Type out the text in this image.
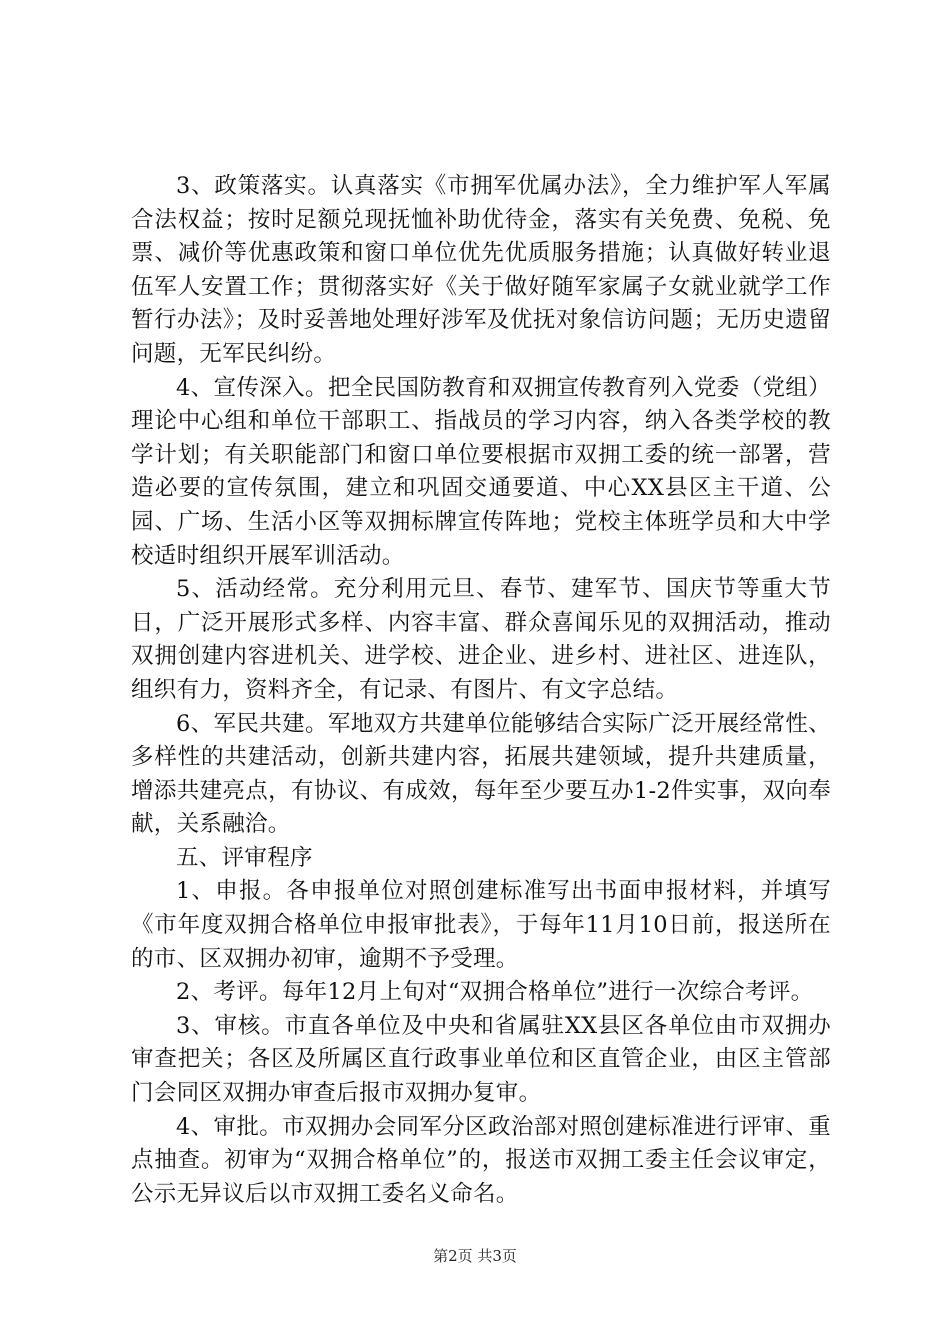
3、政策落实。认真落实《市拥军优属办法》，全力维护军人军属合法权益；按时足额兑现抚恤补助优待金，落实有关免费、免税、免票、减价等优惠政策和窗口单位优先优质服务措施；认真做好转业退伍军人安置工作；贯彻落实好《关于做好随军家属子女就业就学工作暂行办法》；及时妥善地处理好涉军及优抚对象信访问题；无历史遗留问题，无军民纠纷。

4、宣传深入。把全民国防教育和双拥宣传教育列入党委（党组）理论中心组和单位干部职工、指战员的学习内容，纳入各类学校的教学计划；有关职能部门和窗口单位要根据市双拥工委的统一部署，营造必要的宣传氛围，建立和巩固交通要道、中心XX县区主干道、公园、广场、生活小区等双拥标牌宣传阵地；党校主体班学员和大中学校适时组织开展军训活动。

5、活动经常。充分利用元旦、春节、建军节、国庆节等重大节日，广泛开展形式多样、内容丰富、群众喜闻乐见的双拥活动，推动双拥创建内容进机关、进学校、进企业、进乡村、进社区、进连队，组织有力，资料齐全，有记录、有图片、有文字总结。

6、军民共建。军地双方共建单位能够结合实际广泛开展经常性、多样性的共建活动，创新共建内容，拓展共建领域，提升共建质量，增添共建亮点，有协议、有成效，每年至少要互办1-2件实事，双向奉献，关系融洽。

五、评审程序

1、申报。各申报单位对照创建标准写出书面申报材料，并填写《市年度双拥合格单位申报审批表》，于每年11月10日前，报送所在的市、区双拥办初审，逾期不予受理。

2、考评。每年12月上旬对“双拥合格单位”进行一次综合考评。

3、审核。市直各单位及中央和省属驻XX县区各单位由市双拥办审查把关；各区及所属区直行政事业单位和区直管企业，由区主管部门会同区双拥办审查后报市双拥办复审。

4、审批。市双拥办会同军分区政治部对照创建标准进行评审、重点抽查。初审为“双拥合格单位”的，报送市双拥工委主任会议审定，公示无异议后以市双拥工委名义命名。

第2页 共3页
